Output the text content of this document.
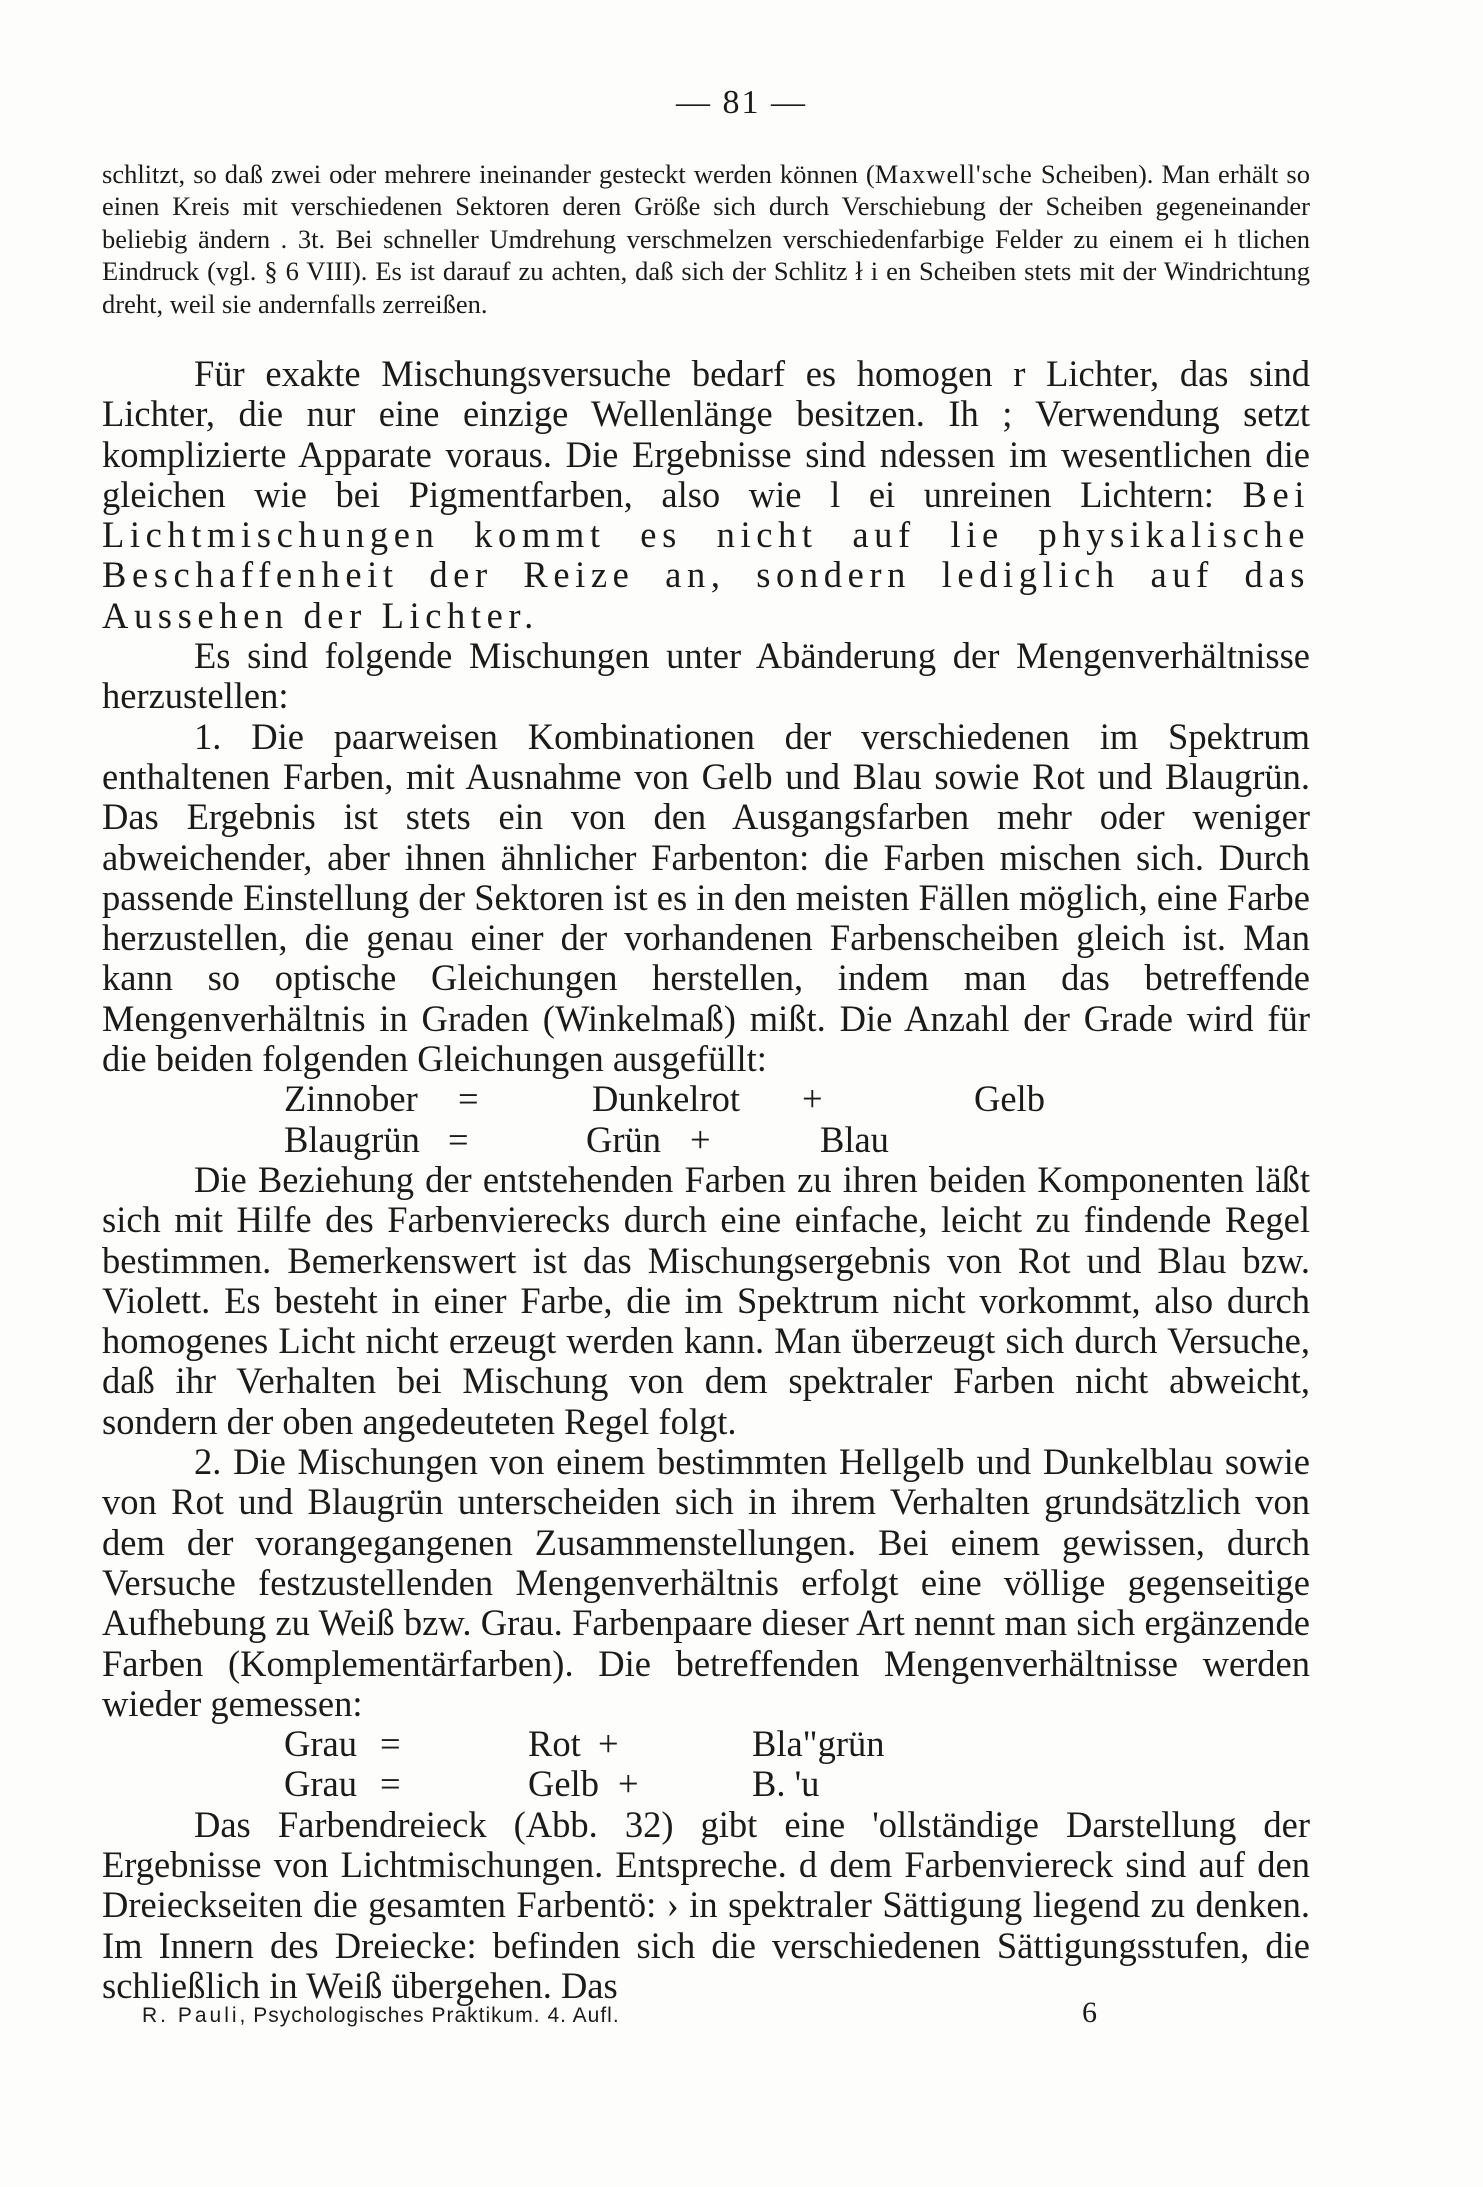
— 81 —
schlitzt, so daß zwei oder mehrere ineinander gesteckt werden können (Maxwell'sche Scheiben). Man erhält so einen Kreis mit verschiedenen Sektoren deren Größe sich durch Verschiebung der Scheiben gegeneinander beliebig ändern . 3t. Bei schneller Umdrehung verschmelzen verschiedenfarbige Felder zu einem ei h tlichen Eindruck (vgl. § 6 VIII). Es ist darauf zu achten, daß sich der Schlitz ł i en Scheiben stets mit der Windrichtung dreht, weil sie andernfalls zerreißen.

Für exakte Mischungsversuche bedarf es homogen r Lichter, das sind Lichter, die nur eine einzige Wellenlänge besitzen. Ih ; Verwendung setzt komplizierte Apparate voraus. Die Ergebnisse sind ndessen im wesentlichen die gleichen wie bei Pigmentfarben, also wie l ei unreinen Lichtern: Bei Lichtmischungen kommt es nicht auf lie physikalische Beschaffenheit der Reize an, sondern lediglich auf das Aussehen der Lichter.

Es sind folgende Mischungen unter Abänderung der Mengenverhältnisse herzustellen:

1. Die paarweisen Kombinationen der verschiedenen im Spektrum enthaltenen Farben, mit Ausnahme von Gelb und Blau sowie Rot und Blaugrün. Das Ergebnis ist stets ein von den Ausgangsfarben mehr oder weniger abweichender, aber ihnen ähnlicher Farbenton: die Farben mischen sich. Durch passende Einstellung der Sektoren ist es in den meisten Fällen möglich, eine Farbe herzustellen, die genau einer der vorhandenen Farbenscheiben gleich ist. Man kann so optische Gleichungen herstellen, indem man das betreffende Mengenverhältnis in Graden (Winkelmaß) mißt. Die Anzahl der Grade wird für die beiden folgenden Gleichungen ausgefüllt:

Zinnober =	Dunkelrot +	Gelb
Blaugrün =	Grün +	Blau

Die Beziehung der entstehenden Farben zu ihren beiden Komponenten läßt sich mit Hilfe des Farbenvierecks durch eine einfache, leicht zu findende Regel bestimmen. Bemerkenswert ist das Mischungsergebnis von Rot und Blau bzw. Violett. Es besteht in einer Farbe, die im Spektrum nicht vorkommt, also durch homogenes Licht nicht erzeugt werden kann. Man überzeugt sich durch Versuche, daß ihr Verhalten bei Mischung von dem spektraler Farben nicht abweicht, sondern der oben angedeuteten Regel folgt.

2. Die Mischungen von einem bestimmten Hellgelb und Dunkelblau sowie von Rot und Blaugrün unterscheiden sich in ihrem Verhalten grundsätzlich von dem der vorangegangenen Zusammenstellungen. Bei einem gewissen, durch Versuche festzustellenden Mengenverhältnis erfolgt eine völlige gegenseitige Aufhebung zu Weiß bzw. Grau. Farbenpaare dieser Art nennt man sich ergänzende Farben (Komplementärfarben). Die betreffenden Mengenverhältnisse werden wieder gemessen:

Grau =	Rot +	Bla"grün
Grau =	Gelb +	B. 'u

Das Farbendreieck (Abb. 32) gibt eine 'ollständige Darstellung der Ergebnisse von Lichtmischungen. Entspreche. d dem Farbenviereck sind auf den Dreieckseiten die gesamten Farbentö: › in spektraler Sättigung liegend zu denken. Im Innern des Dreiecke: befinden sich die verschiedenen Sättigungsstufen, die schließlich in Weiß übergehen. Das

R. Pauli, Psychologisches Praktikum. 4. Aufl.	6
